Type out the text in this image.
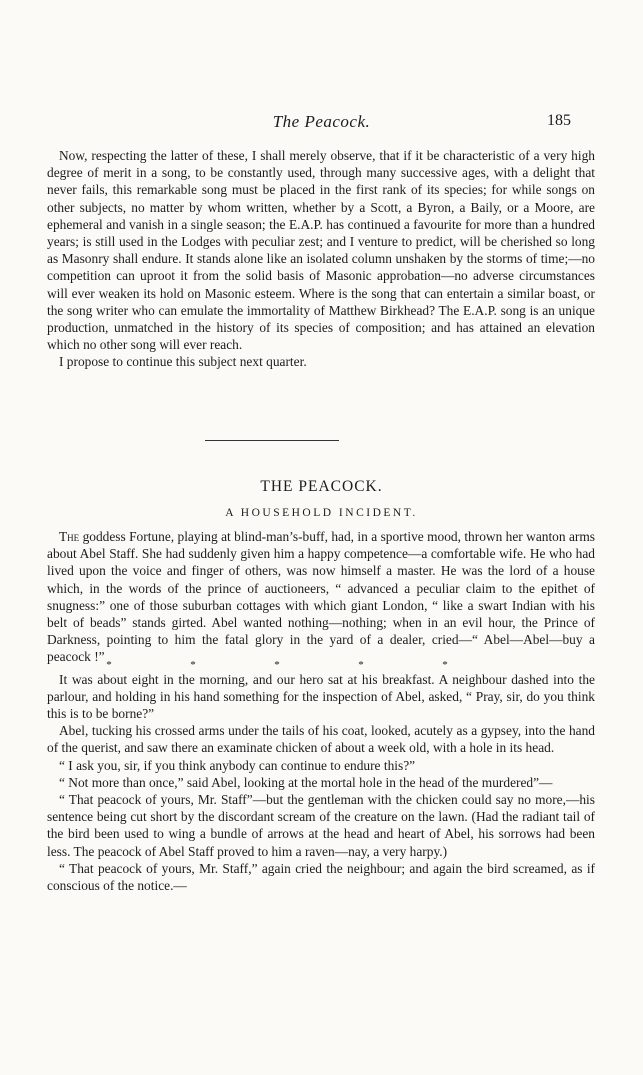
The Peacock.	185

Now, respecting the latter of these, I shall merely observe, that if it be characteristic of a very high degree of merit in a song, to be constantly used, through many successive ages, with a delight that never fails, this remarkable song must be placed in the first rank of its species; for while songs on other subjects, no matter by whom written, whether by a Scott, a Byron, a Baily, or a Moore, are ephemeral and vanish in a single season; the E.A.P. has continued a favourite for more than a hundred years; is still used in the Lodges with peculiar zest; and I venture to predict, will be cherished so long as Masonry shall endure. It stands alone like an isolated column unshaken by the storms of time;—no competition can uproot it from the solid basis of Masonic approbation—no adverse circumstances will ever weaken its hold on Masonic esteem. Where is the song that can entertain a similar boast, or the song writer who can emulate the immortality of Matthew Birkhead? The E.A.P. song is an unique production, unmatched in the history of its species of composition; and has attained an elevation which no other song will ever reach.

I propose to continue this subject next quarter.

THE PEACOCK.
A HOUSEHOLD INCIDENT.

The goddess Fortune, playing at blind-man’s-buff, had, in a sportive mood, thrown her wanton arms about Abel Staff. She had suddenly given him a happy competence—a comfortable wife. He who had lived upon the voice and finger of others, was now himself a master. He was the lord of a house which, in the words of the prince of auctioneers, “ advanced a peculiar claim to the epithet of snugness:” one of those suburban cottages with which giant London, “ like a swart Indian with his belt of beads” stands girted. Abel wanted nothing—nothing; when in an evil hour, the Prince of Darkness, pointing to him the fatal glory in the yard of a dealer, cried—“ Abel—Abel—buy a peacock !”

*	*	*	*	*

It was about eight in the morning, and our hero sat at his breakfast. A neighbour dashed into the parlour, and holding in his hand something for the inspection of Abel, asked, “ Pray, sir, do you think this is to be borne?”

Abel, tucking his crossed arms under the tails of his coat, looked, acutely as a gypsey, into the hand of the querist, and saw there an examinate chicken of about a week old, with a hole in its head.

“ I ask you, sir, if you think anybody can continue to endure this?”

“ Not more than once,” said Abel, looking at the mortal hole in the head of the murdered”—

“ That peacock of yours, Mr. Staff”—but the gentleman with the chicken could say no more,—his sentence being cut short by the discordant scream of the creature on the lawn. (Had the radiant tail of the bird been used to wing a bundle of arrows at the head and heart of Abel, his sorrows had been less. The peacock of Abel Staff proved to him a raven—nay, a very harpy.)

“ That peacock of yours, Mr. Staff,” again cried the neighbour; and again the bird screamed, as if conscious of the notice.—
